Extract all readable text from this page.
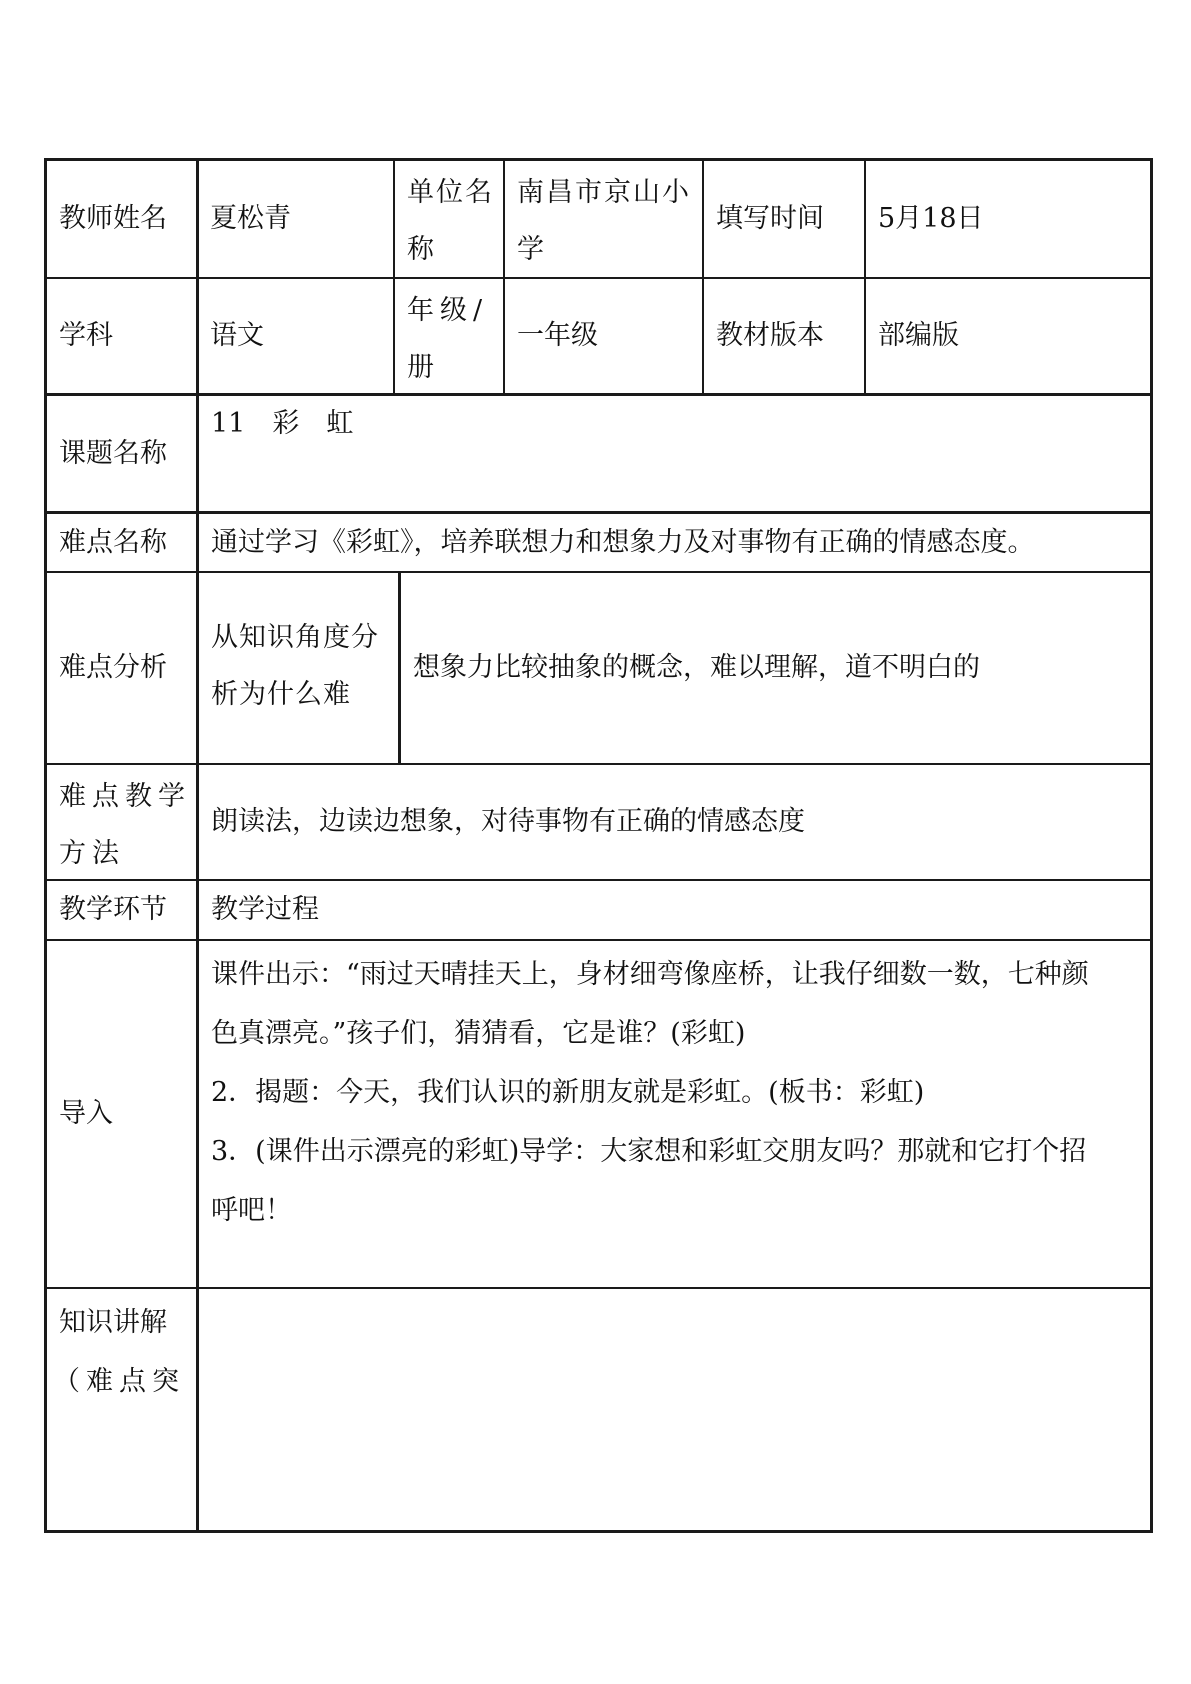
教师姓名 夏松青
单位名
称
南昌市京山小
学
填写时间 5月18日
学科	语文
年级/
册
一年级	教材版本 部编版
课题名称
11　彩　虹
难点名称 通过学习《彩虹》，培养联想力和想象力及对事物有正确的情感态度。
难点分析
从知识角度分
析为什么难
想象力比较抽象的概念，难以理解，道不明白的
难点教学
方法
朗读法，边读边想象，对待事物有正确的情感态度
教学环节 教学过程
导入
课件出示：“雨过天晴挂天上，身材细弯像座桥，让我仔细数一数，七种颜
色真漂亮。”孩子们，猜猜看，它是谁？(彩虹)
2．揭题：今天，我们认识的新朋友就是彩虹。(板书：彩虹)
3．(课件出示漂亮的彩虹)导学：大家想和彩虹交朋友吗？那就和它打个招
呼吧！
知识讲解
（难点突
